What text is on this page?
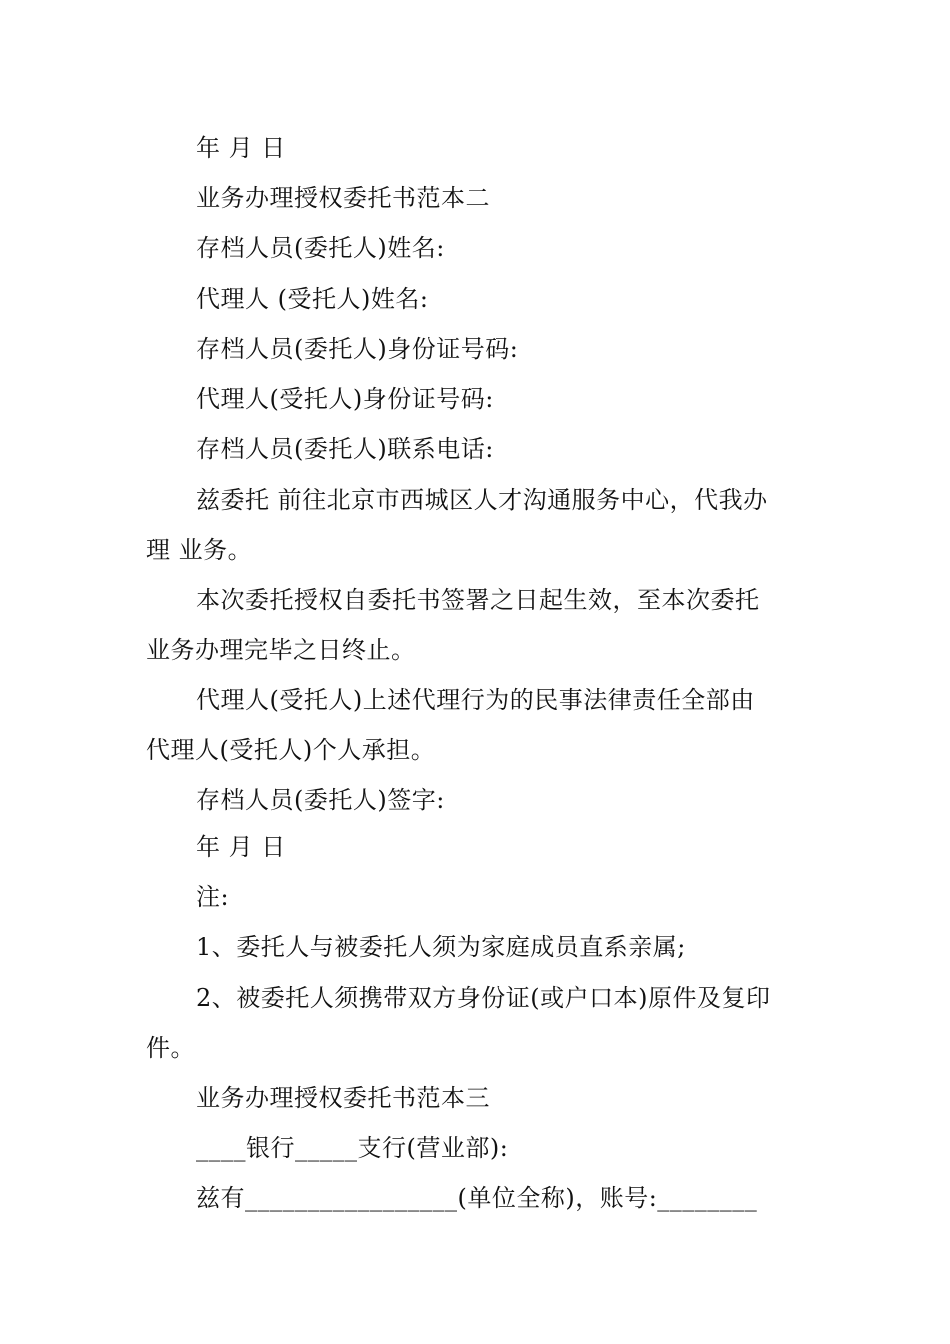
年 月 日
业务办理授权委托书范本二
存档人员(委托人)姓名:
代理人 (受托人)姓名:
存档人员(委托人)身份证号码:
代理人(受托人)身份证号码:
存档人员(委托人)联系电话:
兹委托 前往北京市西城区人才沟通服务中心，代我办
理 业务。
本次委托授权自委托书签署之日起生效，至本次委托
业务办理完毕之日终止。
代理人(受托人)上述代理行为的民事法律责任全部由
代理人(受托人)个人承担。
存档人员(委托人)签字:
年 月 日
注:
1、委托人与被委托人须为家庭成员直系亲属;
2、被委托人须携带双方身份证(或户口本)原件及复印
件。
业务办理授权委托书范本三
____银行_____支行(营业部):
兹有_________________(单位全称)，账号:________
